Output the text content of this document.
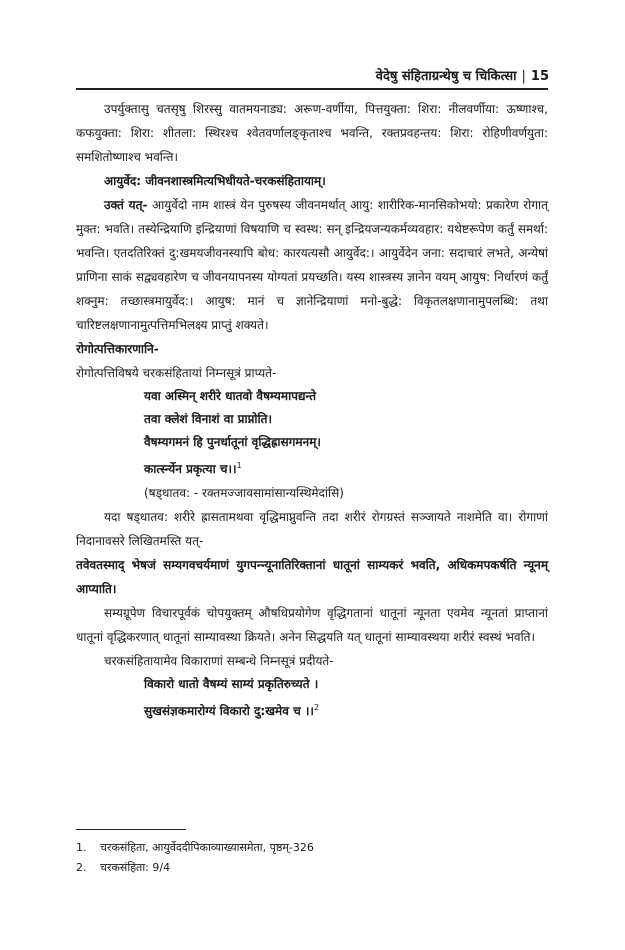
वेदेषु संहिताग्रन्थेषु च चिकित्सा | 15

उपर्युक्तासु चतसृषु शिरस्सु वातमयनाड्य: अरूण-वर्णीया, पित्तयुक्ता: शिरा: नीलवर्णीया: ऊष्णाश्च, कफयुक्ता: शिरा: शीतला: स्थिरश्च श्वेतवर्णालङ्कृताश्च भवन्ति, रक्तप्रवहन्तय: शिरा: रोहिणीवर्णयुता: समशितोष्णाश्च भवन्ति।

आयुर्वेद: जीवनशास्त्रमित्यभिधीयते-चरकसंहितायाम्।

उक्तं यत्- आयुर्वेदो नाम शास्त्रं येन पुरुषस्य जीवनमर्थात् आयु: शारीरिक-मानसिकोभयो: प्रकारेण रोगात् मुक्त: भवति। तस्येन्द्रियाणि इन्द्रियाणां विषयाणि च स्वस्थ: सन् इन्द्रियजन्यकर्मव्यवहार: यथेष्टरूपेण कर्तुं समर्था: भवन्ति। एतदतिरिक्तं दु:खमयजीवनस्यापि बोध: कारयत्यसौ आयुर्वेद:। आयुर्वेदेन जना: सदाचारं लभते, अन्येषां प्राणिना साकं सद्व्यवहारेण च जीवनयापनस्य योग्यतां प्रयच्छति। यस्य शास्त्रस्य ज्ञानेन वयम् आयुष: निर्धारणं कर्तुं शक्नुम: तच्छास्त्रमायुर्वेद:। आयुष: मानं च ज्ञानेन्द्रियाणां मनो-बुद्धे: विकृतलक्षणानामुपलब्धि: तथा चारिष्टलक्षणानामुत्पत्तिमभिलक्ष्य प्राप्तुं शक्यते।

रोगोत्पत्तिकारणानि-

रोगोत्पत्तिविषये चरकसंहितायां निम्नसूत्रं प्राप्यते-

यवा अस्मिन् शरीरे धातवो वैषम्यमापद्यन्ते
तवा क्लेशं विनाशं वा प्राप्नोति।
वैषम्यगमनं हि पुनर्धातूनां वृद्धिह्रासगमनम्।
कार्त्स्न्येन प्रकृत्या च।।$^1$

(षड्धातव: - रक्तमज्जावसामांसान्यस्थिमेदांसि)

यदा षड्धातव: शरीरे ह्रासतामथवा वृद्धिमाप्नुवन्ति तदा शरीरं रोगग्रस्तं सञ्जायते नाशमेति वा। रोगाणां निदानावसरे लिखितमस्ति यत्-

तवेवतस्माद् भेषजं सम्यगवचर्यमाणं युगपन्न्यूनातिरिक्तानां धातूनां साम्यकरं भवति, अधिकमपकर्षति न्यूनम् आप्याति।

सम्यग्रूपेण विचारपूर्वकं चोपयुक्तम् औषधिप्रयोगेण वृद्धिगतानां धातूनां न्यूनता एवमेव न्यूनतां प्राप्तानां धातूनां वृद्धिकरणात् धातूनां साम्यावस्था क्रियते। अनेन सिद्धयति यत् धातूनां साम्यावस्थया शरीरं स्वस्थं भवति।

चरकसंहितायामेव विकाराणां सम्बन्धे निम्नसूत्रं प्रदीयते-

विकारो धातो वैषम्यं साम्यं प्रकृतिरुच्यते ।
सुखसंज्ञकमारोग्यं विकारो दु:खमेव च ।।$^2$
1. चरकसंहिता, आयुर्वेददीपिकाव्याख्यासमेता, पृष्ठम्-326
2. चरकसंहिता: 9/4
